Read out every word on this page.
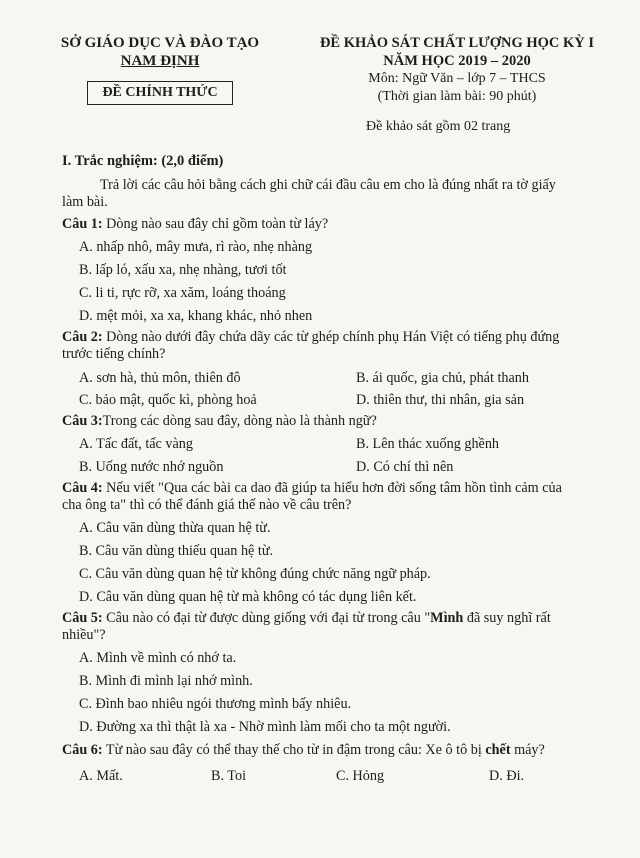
SỞ GIÁO DỤC VÀ ĐÀO TẠO
NAM ĐỊNH
ĐỀ CHÍNH THỨC
ĐỀ KHẢO SÁT CHẤT LƯỢNG HỌC KỲ I
NĂM HỌC 2019 – 2020
Môn: Ngữ Văn – lớp 7 – THCS
(Thời gian làm bài: 90 phút)
Đề khảo sát gồm 02 trang
I. Trắc nghiệm: (2,0 điểm)
Trả lời các câu hỏi bằng cách ghi chữ cái đầu câu em cho là đúng nhất ra tờ giấy
làm bài.
Câu 1: Dòng nào sau đây chỉ gồm toàn từ láy?
A. nhấp nhô, mây mưa, rì rào, nhẹ nhàng
B. lấp ló, xấu xa, nhẹ nhàng, tươi tốt
C. li ti, rực rỡ, xa xăm, loáng thoáng
D. mệt mỏi, xa xa, khang khác, nhỏ nhen
Câu 2: Dòng nào dưới đây chứa dãy các từ ghép chính phụ Hán Việt có tiếng phụ đứng
trước tiếng chính?
A. sơn hà, thủ môn, thiên đô	B. ái quốc, gia chủ, phát thanh
C. bảo mật, quốc kì, phòng hoả	D. thiên thư, thi nhân, gia sản
Câu 3:Trong các dòng sau đây, dòng nào là thành ngữ?
A. Tấc đất, tấc vàng	B. Lên thác xuống ghềnh
B. Uống nước nhớ nguồn	D. Có chí thì nên
Câu 4: Nếu viết "Qua các bài ca dao đã giúp ta hiểu hơn đời sống tâm hồn tình cảm của
cha ông ta" thì có thể đánh giá thế nào về câu trên?
A. Câu văn dùng thừa quan hệ từ.
B. Câu văn dùng thiếu quan hệ từ.
C. Câu văn dùng quan hệ từ không đúng chức năng ngữ pháp.
D. Câu văn dùng quan hệ từ mà không có tác dụng liên kết.
Câu 5: Câu nào có đại từ được dùng giống với đại từ trong câu "Mình đã suy nghĩ rất
nhiều"?
A. Mình về mình có nhớ ta.
B. Mình đi mình lại nhớ mình.
C. Đình bao nhiêu ngói thương mình bấy nhiêu.
D. Đường xa thì thật là xa - Nhờ mình làm mối cho ta một người.
Câu 6: Từ nào sau đây có thể thay thế cho từ in đậm trong câu: Xe ô tô bị chết máy?
A. Mất.	B. Toi	C. Hỏng	D. Đi.
